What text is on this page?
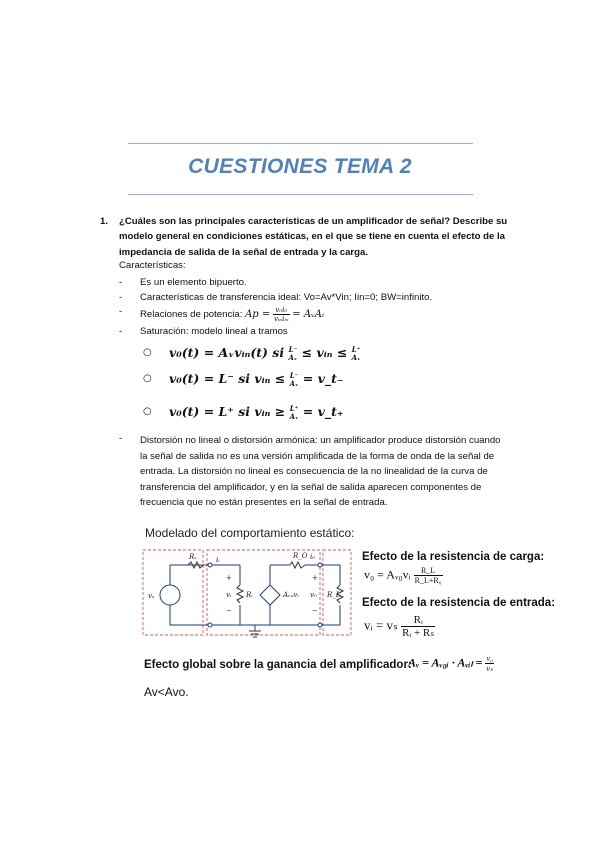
CUESTIONES TEMA 2
1. ¿Cuáles son las principales características de un amplificador de señal? Describe su modelo general en condiciones estáticas, en el que se tiene en cuenta el efecto de la impedancia de salida de la señal de entrada y la carga.
Características:
- Es un elemento bipuerto.
- Características de transferencia ideal: Vo=Av*Vin; Iin=0; BW=infinito.
- Relaciones de potencia: $Ap = \frac{\text{v₀i₀}}{\text{vᵢₙiᵢₙ}}$ = AᵥAᵢ
- Saturación: modelo lineal a tramos
○ v₀(t) = Aᵥvᵢₙ(t) si L⁻
Aᵥ ≤ vᵢₙ ≤ L⁺
Aᵥ
○ v₀(t) = L⁻ si vᵢₙ ≤ L⁻
Aᵥ = v_t₋
○ v₀(t) = L⁺ si vᵢₙ ≥ L⁺
Aᵥ = v_t₊
- Distorsión no lineal o distorsión armónica: un amplificador produce distorsión cuando la señal de salida no es una versión amplificada de la forma de onda de la señal de entrada. La distorsión no lineal es consecuencia de la no linealidad de la curva de transferencia del amplificador, y en la señal de salida aparecen componentes de frecuencia que no están presentes en la señal de entrada.
Modelado del comportamiento estático:
vₛ
Rₛ	iᵢ
+
vᵢ
−
Rᵢ	Aᵥₒvᵢ
R_O i₀
+
v₀
−
R_L
Efecto de la resistencia de carga:
v₀ = Aᵥ₀vᵢ $\frac{R\_L}{\text{R\_L+R₀}}$
Efecto de la resistencia de entrada:
vᵢ = vₛ $\frac{\text{Rᵢ}}{\text{Rᵢ + Rₛ}}$
Efecto global sobre la ganancia del amplificador:
Aᵥ = Aᵥ₀ᵢ · Aᵥᵢₗ = $\frac{\text{v₀}}{\text{vₛ}}$
Av<Avo.
